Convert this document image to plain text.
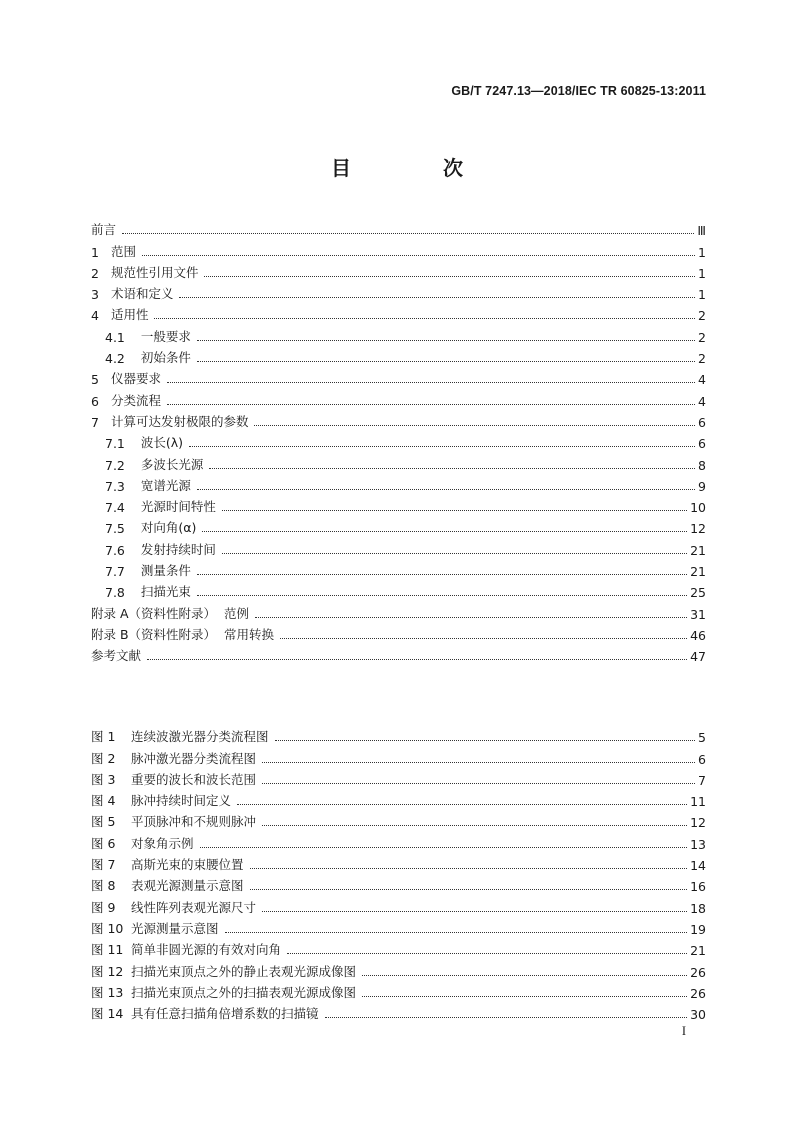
GB/T 7247.13—2018/IEC TR 60825-13:2011
目　次
前言	Ⅲ
1 范围	1
2 规范性引用文件	1
3 术语和定义	1
4 适用性	2
4.1 一般要求	2
4.2 初始条件	2
5 仪器要求	4
6 分类流程	4
7 计算可达发射极限的参数	6
7.1 波长(λ)	6
7.2 多波长光源	8
7.3 宽谱光源	9
7.4 光源时间特性	10
7.5 对向角(α)	12
7.6 发射持续时间	21
7.7 测量条件	21
7.8 扫描光束	25
附录 A（资料性附录）  范例	31
附录 B（资料性附录）  常用转换	46
参考文献	47
图 1	连续波激光器分类流程图	5
图 2	脉冲激光器分类流程图	6
图 3	重要的波长和波长范围	7
图 4	脉冲持续时间定义	11
图 5	平顶脉冲和不规则脉冲	12
图 6	对象角示例	13
图 7	高斯光束的束腰位置	14
图 8	表观光源测量示意图	16
图 9	线性阵列表观光源尺寸	18
图 10 光源测量示意图	19
图 11 简单非圆光源的有效对向角	21
图 12 扫描光束顶点之外的静止表观光源成像图	26
图 13 扫描光束顶点之外的扫描表观光源成像图	26
图 14 具有任意扫描角倍增系数的扫描镜	30
I
